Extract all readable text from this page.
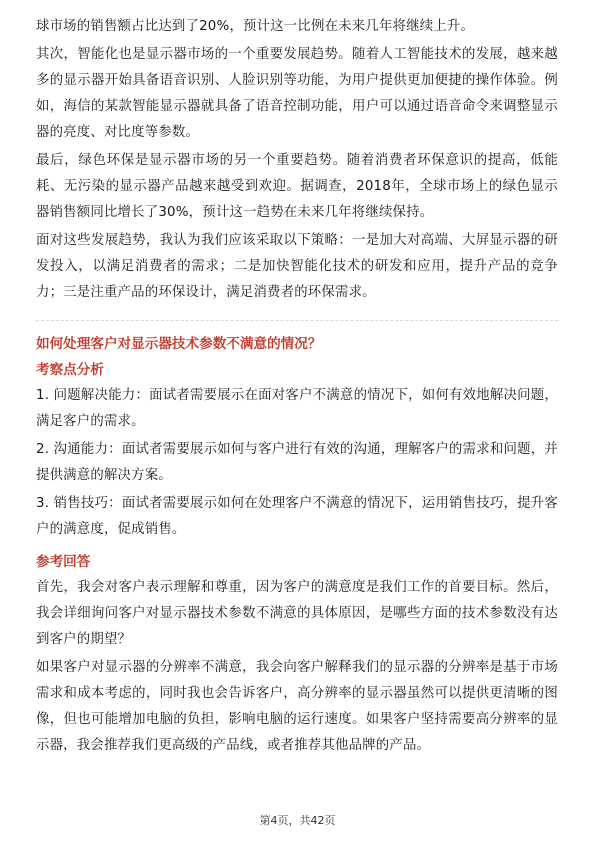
球市场的销售额占比达到了20%，预计这一比例在未来几年将继续上升。

其次，智能化也是显示器市场的一个重要发展趋势。随着人工智能技术的发展，越来越多的显示器开始具备语音识别、人脸识别等功能，为用户提供更加便捷的操作体验。例如，海信的某款智能显示器就具备了语音控制功能，用户可以通过语音命令来调整显示器的亮度、对比度等参数。

最后，绿色环保是显示器市场的另一个重要趋势。随着消费者环保意识的提高，低能耗、无污染的显示器产品越来越受到欢迎。据调查，2018年，全球市场上的绿色显示器销售额同比增长了30%，预计这一趋势在未来几年将继续保持。

面对这些发展趋势，我认为我们应该采取以下策略：一是加大对高端、大屏显示器的研发投入，以满足消费者的需求；二是加快智能化技术的研发和应用，提升产品的竞争力；三是注重产品的环保设计，满足消费者的环保需求。

如何处理客户对显示器技术参数不满意的情况？
考察点分析

1. 问题解决能力：面试者需要展示在面对客户不满意的情况下，如何有效地解决问题，满足客户的需求。

2. 沟通能力：面试者需要展示如何与客户进行有效的沟通，理解客户的需求和问题，并提供满意的解决方案。

3. 销售技巧：面试者需要展示如何在处理客户不满意的情况下，运用销售技巧，提升客户的满意度，促成销售。

参考回答

首先，我会对客户表示理解和尊重，因为客户的满意度是我们工作的首要目标。然后，我会详细询问客户对显示器技术参数不满意的具体原因，是哪些方面的技术参数没有达到客户的期望？

如果客户对显示器的分辨率不满意，我会向客户解释我们的显示器的分辨率是基于市场需求和成本考虑的，同时我也会告诉客户，高分辨率的显示器虽然可以提供更清晰的图像，但也可能增加电脑的负担，影响电脑的运行速度。如果客户坚持需要高分辨率的显示器，我会推荐我们更高级的产品线，或者推荐其他品牌的产品。

第4页，共42页
